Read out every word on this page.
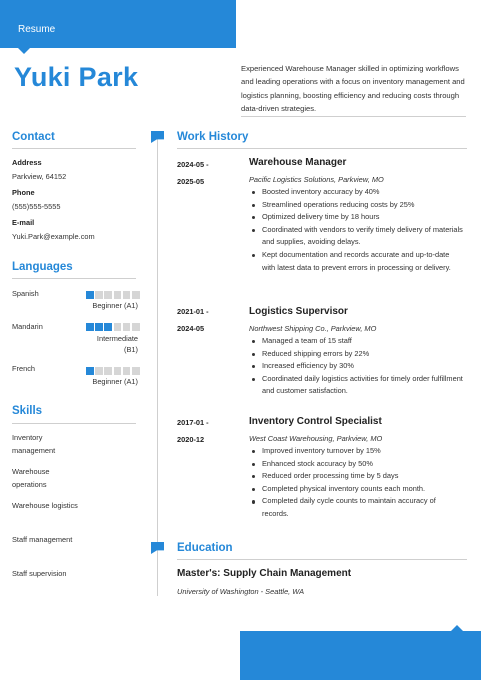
Resume
Yuki Park	Experienced Warehouse Manager skilled in optimizing workflows and leading operations with a focus on inventory management and logistics planning, boosting efficiency and reducing costs through data-driven strategies.
Contact
Address
Parkview, 64152
Phone
(555)555-5555
E-mail
Yuki.Park@example.com
Languages
Spanish
Beginner (A1)
Mandarin
Intermediate
(B1)
French
Beginner (A1)
Skills
Inventory management
Warehouse operations
Warehouse logistics
Staff management
Staff supervision
Work History
2024-05 -
2025-05
Warehouse Manager
Pacific Logistics Solutions, Parkview, MO
Boosted inventory accuracy by 40%
Streamlined operations reducing costs by 25%
Optimized delivery time by 18 hours
Coordinated with vendors to verify timely delivery of materials and supplies, avoiding delays.
Kept documentation and records accurate and up-to-date with latest data to prevent errors in processing or delivery.
2021-01 -
2024-05
Logistics Supervisor
Northwest Shipping Co., Parkview, MO
Managed a team of 15 staff
Reduced shipping errors by 22%
Increased efficiency by 30%
Coordinated daily logistics activities for timely order fulfillment and customer satisfaction.
2017-01 -
2020-12
Inventory Control Specialist
West Coast Warehousing, Parkview, MO
Improved inventory turnover by 15%
Enhanced stock accuracy by 50%
Reduced order processing time by 5 days
Completed physical inventory counts each month.
Completed daily cycle counts to maintain accuracy of records.
Education
Master's: Supply Chain Management
University of Washington - Seattle, WA
